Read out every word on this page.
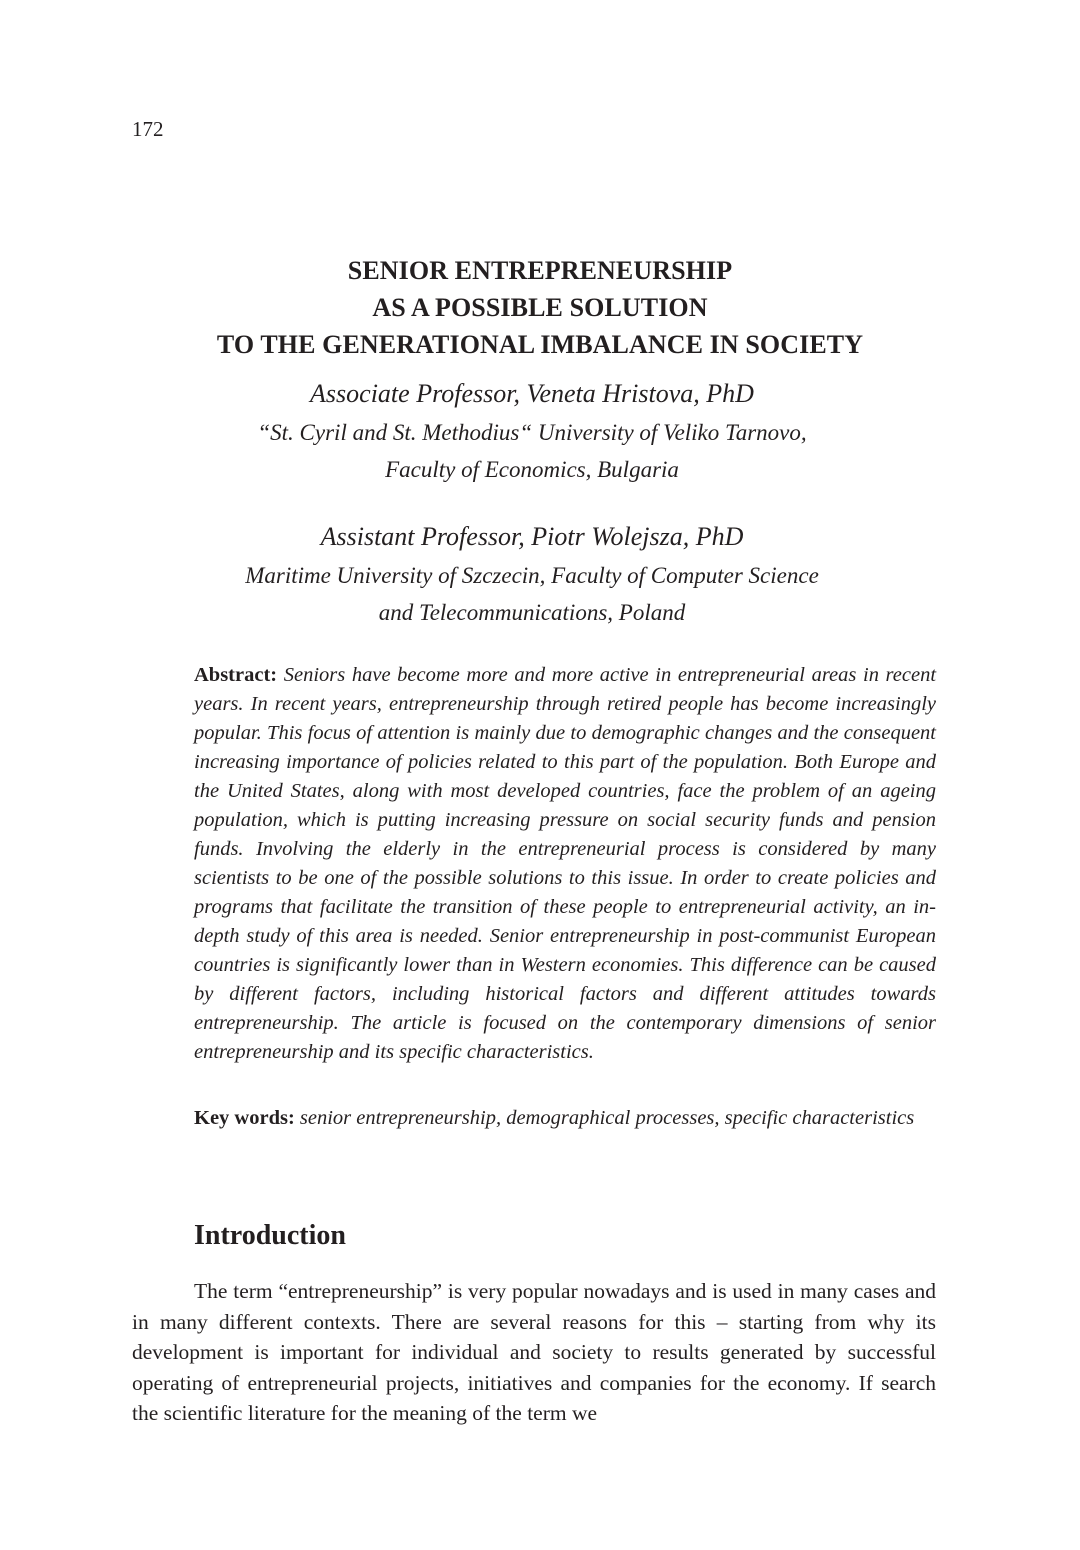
172
SENIOR ENTREPRENEURSHIP
AS A POSSIBLE SOLUTION
TO THE GENERATIONAL IMBALANCE IN SOCIETY
Associate Professor, Veneta Hristova, PhD
“St. Cyril and St. Methodius“ University of Veliko Tarnovo,
Faculty of Economics, Bulgaria
Assistant Professor, Piotr Wolejsza, PhD
Maritime University of Szczecin, Faculty of Computer Science
and Telecommunications, Poland
Abstract: Seniors have become more and more active in entrepreneurial areas in recent years. In recent years, entrepreneurship through retired people has become increasingly popular. This focus of attention is mainly due to demographic changes and the consequent increasing importance of policies related to this part of the population. Both Europe and the United States, along with most developed countries, face the problem of an ageing population, which is putting increasing pressure on social security funds and pension funds. Involving the elderly in the entrepreneurial process is considered by many scientists to be one of the possible solutions to this issue. In order to create policies and programs that facilitate the transition of these people to entrepreneurial activity, an in-depth study of this area is needed. Senior entrepreneurship in post-communist European countries is significantly lower than in Western economies. This difference can be caused by different factors, including historical factors and different attitudes towards entrepreneurship. The article is focused on the contemporary dimensions of senior entrepreneurship and its specific characteristics.
Key words: senior entrepreneurship, demographical processes, specific characteristics
Introduction

The term “entrepreneurship” is very popular nowadays and is used in many cases and in many different contexts. There are several reasons for this – starting from why its development is important for individual and society to results generated by successful operating of entrepreneurial projects, initiatives and companies for the economy. If search the scientific literature for the meaning of the term we
